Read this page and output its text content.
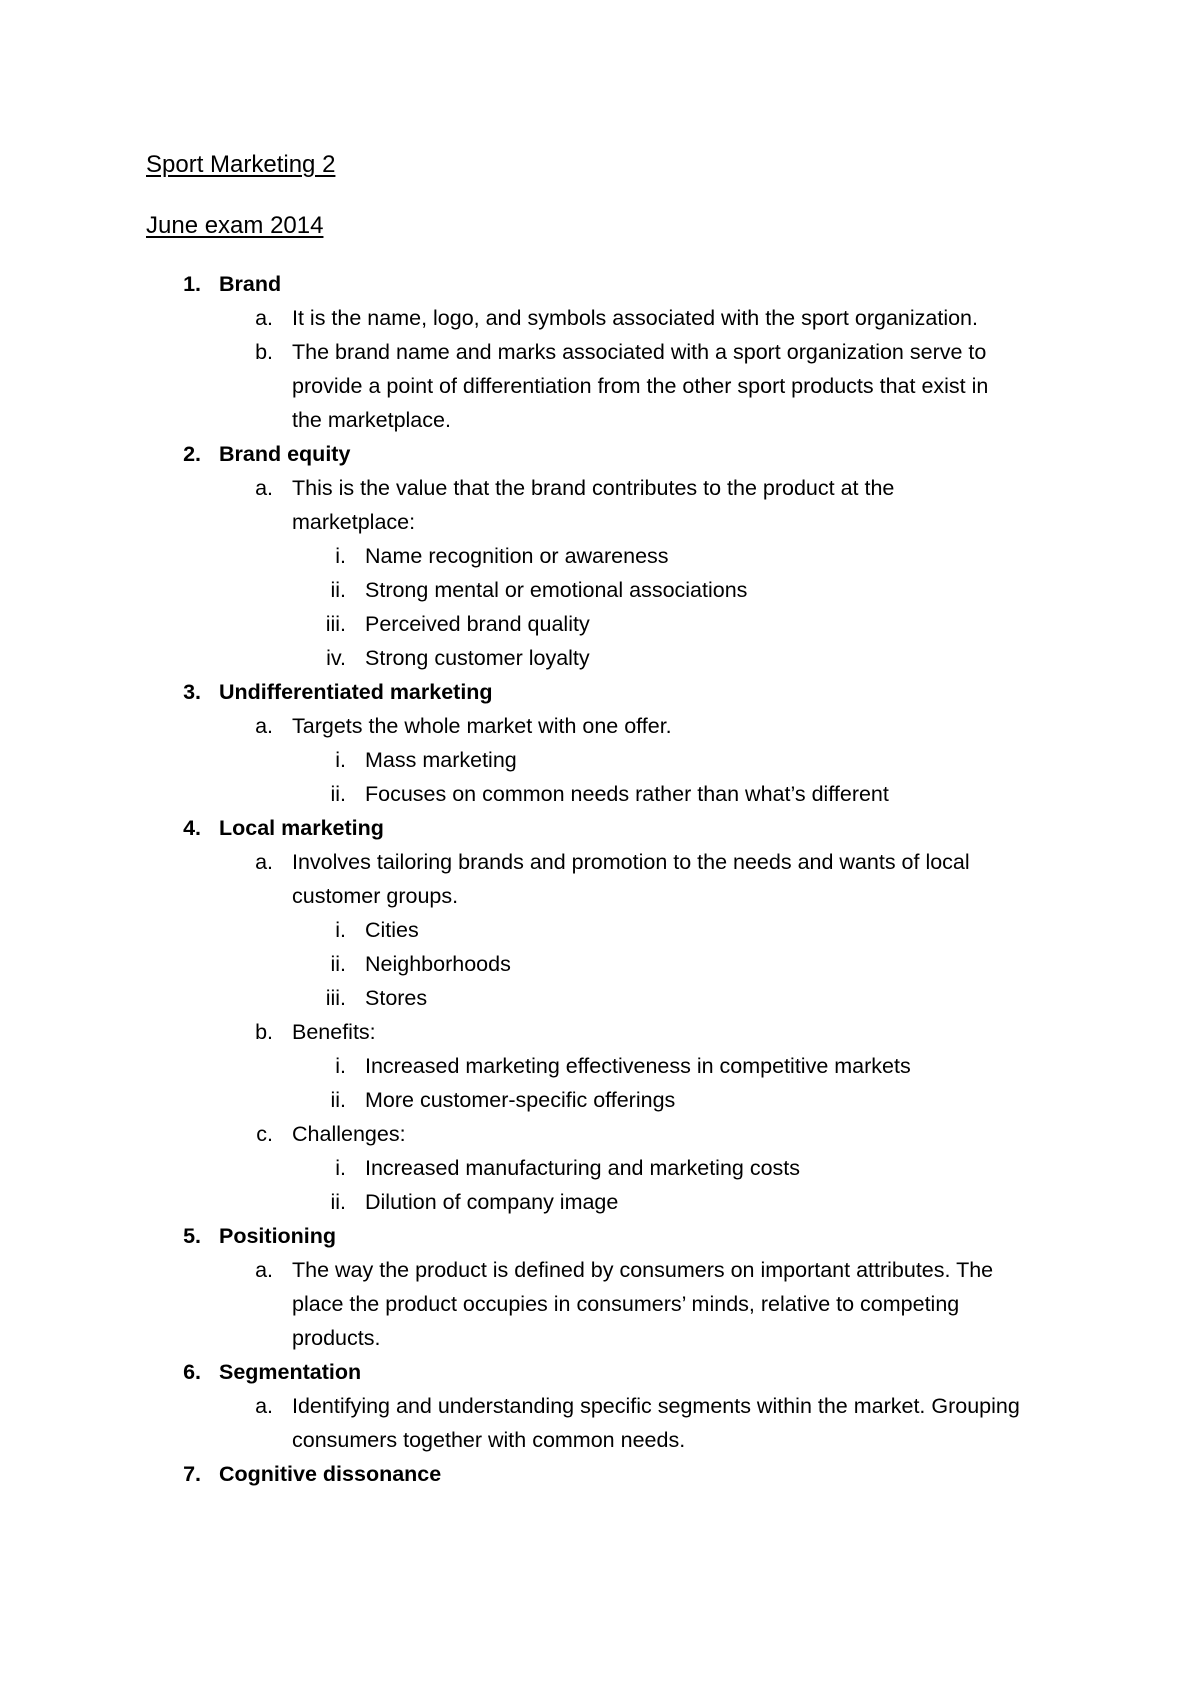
Sport Marketing 2
June exam 2014
1. Brand
a. It is the name, logo, and symbols associated with the sport organization.
b. The brand name and marks associated with a sport organization serve to
provide a point of differentiation from the other sport products that exist in
the marketplace.
2. Brand equity
a. This is the value that the brand contributes to the product at the
marketplace:
i. Name recognition or awareness
ii. Strong mental or emotional associations
iii. Perceived brand quality
iv. Strong customer loyalty
3. Undifferentiated marketing
a. Targets the whole market with one offer.
i. Mass marketing
ii. Focuses on common needs rather than what’s different
4. Local marketing
a. Involves tailoring brands and promotion to the needs and wants of local
customer groups.
i. Cities
ii. Neighborhoods
iii. Stores
b. Benefits:
i. Increased marketing effectiveness in competitive markets
ii. More customer-specific offerings
c. Challenges:
i. Increased manufacturing and marketing costs
ii. Dilution of company image
5. Positioning
a. The way the product is defined by consumers on important attributes. The
place the product occupies in consumers’ minds, relative to competing
products.
6. Segmentation
a. Identifying and understanding specific segments within the market. Grouping
consumers together with common needs.
7. Cognitive dissonance
